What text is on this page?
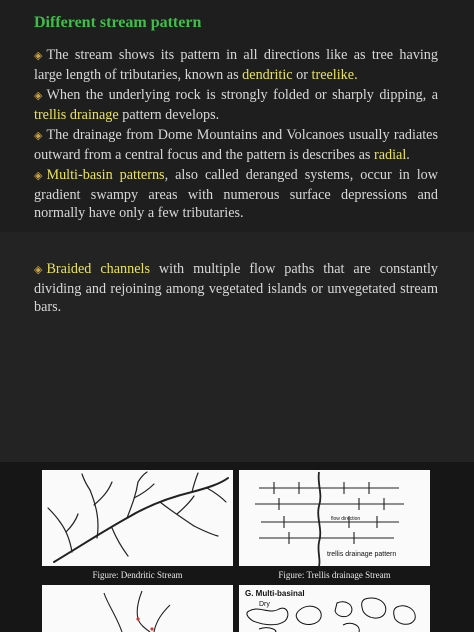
Different stream pattern
◈ The stream shows its pattern in all directions like as tree having large length of tributaries, known as dendritic or treelike.
◈ When the underlying rock is strongly folded or sharply dipping, a trellis drainage pattern develops.
◈ The drainage from Dome Mountains and Volcanoes usually radiates outward from a central focus and the pattern is describes as radial.
◈ Multi-basin patterns, also called deranged systems, occur in low gradient swampy areas with numerous surface depressions and normally have only a few tributaries.
◈ Braided channels with multiple flow paths that are constantly dividing and rejoining among vegetated islands or unvegetated stream bars.
Figure: Dendritic Stream
flow direction
trellis drainage pattern
Figure: Trellis drainage Stream
G. Multi-basinal
Dry
